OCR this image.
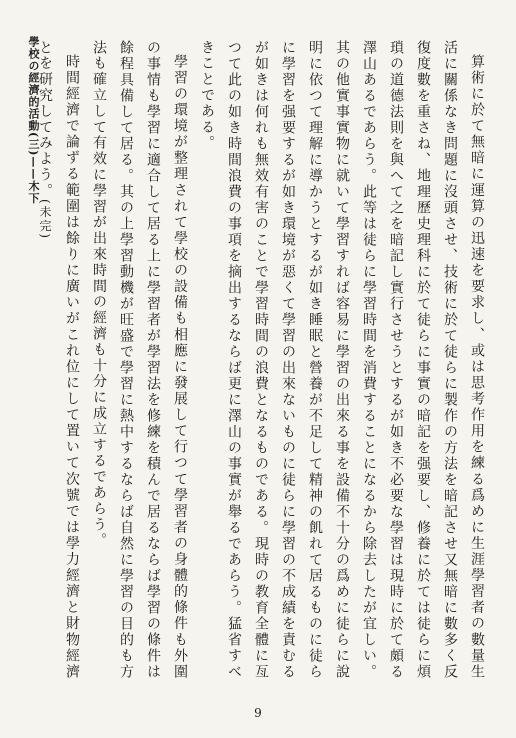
學校の經濟的活動(三)——木下	算術に於て無暗に運算の迅速を要求し、或は思考作用を練る爲めに生涯學習者の數量生活に關係なき問題に沒頭させ、技術に於て徒らに製作の方法を暗記させ又無暗に數多く反復度數を重さね、地理歷史理科に於て徒らに事實の暗記を强要し、修養に於ては徒らに煩瑣の道德法則を與へて之を暗記し實行させうとするが如き不必要な學習は現時に於て頗る澤山あるであらう。此等は徒らに學習時間を消費することになるから除去したが宜しい。其の他實事實物に就いて學習すれば容易に學習の出來る事を設備不十分の爲めに徒らに說明に依つて理解に導かうとするが如き睡眠と營養が不足して精神の飢れて居るものに徒らに學習を强要するが如き環境が惡くて學習の出來ないものに徒らに學習の不成績を責むるが如きは何れも無效有害のことで學習時間の浪費となるものである。現時の教育全體に亙つて此の如き時間浪費の事項を摘出するならば更に澤山の事實が舉るであらう。猛省すべきことである。

學習の環境が整理されて學校の設備も相應に發展して行つて學習者の身體的條件も外圍の事情も學習に適合して居る上に學習者が學習法を修練を積んで居るならば學習の條件は餘程具備して居る。其の上學習動機が旺盛で學習に熱中するならば自然に學習の目的も方法も確立して有效に學習が出來時間の經濟も十分に成立するであらう。

時間經濟で論ずる範圍は餘りに廣いがこれ位にして置いて次號では學力經濟と財物經濟とを研究してみよう。(未完)

9
